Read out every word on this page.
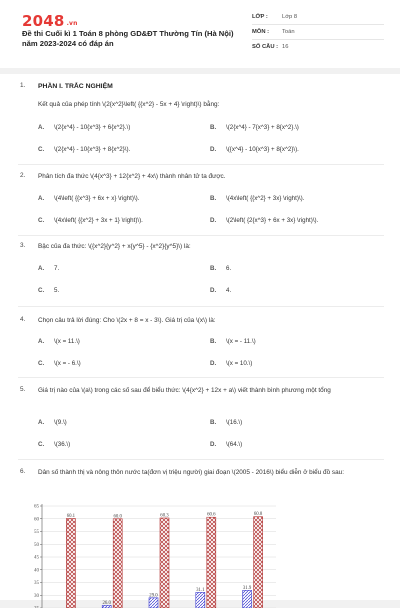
2048 .vn
Đề thi Cuối kì 1 Toán 8 phòng GD&ĐT Thường Tín (Hà Nội) năm 2023-2024 có đáp án
LỚP :	Lớp 8
MÔN :	Toán
SỐ CÂU : 16
1.	PHẦN I. TRẮC NGHIỆM
Kết quả của phép tính \(2{x^2}\left( {{x^2} - 5x + 4} \right)\) bằng:
A. \(2{x^4} - 10{x^3} + 6{x^2}.\)	B. \(2{x^4} - 7{x^3} + 8{x^2}.\)
C. \(2{x^4} - 10{x^3} + 8{x^2}\).	D. \({x^4} - 10{x^3} + 8{x^2}\).
2.	Phân tích đa thức \(4{x^3} + 12{x^2} + 4x\) thành nhân tử ta được.
A. \(4\left( {{x^3} + 6x + x} \right)\).	B. \(4x\left( {{x^2} + 3x} \right)\).
C. \(4x\left( {{x^2} + 3x + 1} \right)\).	D. \(2\left( {2{x^3} + 6x + 3x} \right)\).
3.	Bậc của đa thức: \({x^2}{y^2} + x{y^5} - {x^2}{y^5}\) là:
A. 7.	B. 6.
C. 5.	D. 4.
4.	Chọn câu trả lời đúng: Cho \(2x + 8 = x - 3\). Giá trị của \(x\) là:
A. \(x = 11.\)	B. \(x = - 11.\)
C. \(x = - 6.\)	D. \(x = 10.\)
5.	Giá trị nào của \(a\) trong các số sau để biểu thức: \(4{x^2} + 12x + a\) viết thành bình phương một tổng
A. \(9.\)	B. \(16.\)
C. \(36.\)	D. \(64.\)
6.	Dân số thành thị và nông thôn nước ta(đơn vị triệu người) giai đoạn \(2005 - 2016\) biểu diễn ở biểu đồ sau:
65
60
55
50
45
40
35
30
26.0
29.0
31.1	31.9
60.1	60.0	60.3	60.6	60.8
